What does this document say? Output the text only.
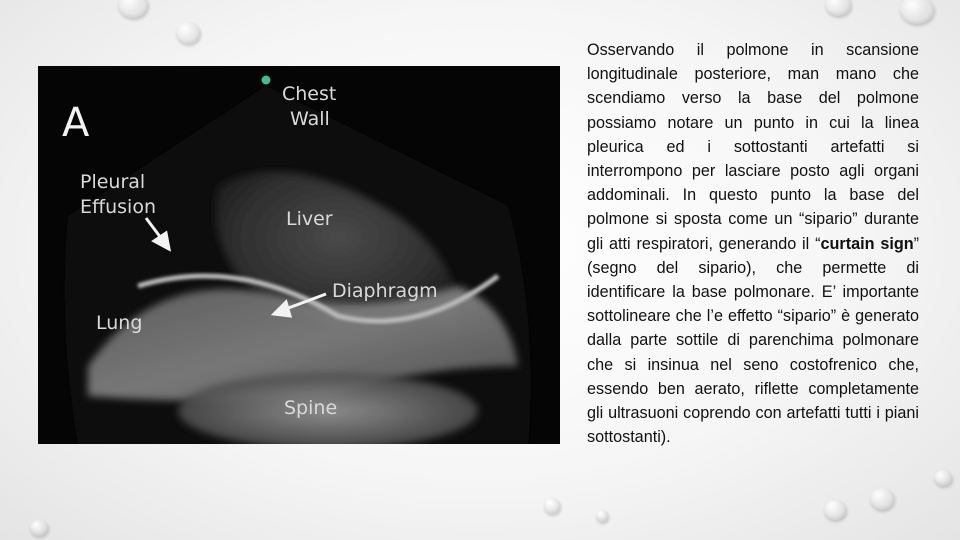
A
Chest
Wall
Pleural
Effusion
Liver
Diaphragm
Lung
Spine
Osservando il polmone in scansione longitudinale posteriore, man mano che scendiamo verso la base del polmone possiamo notare un punto in cui la linea pleurica ed i sottostanti artefatti si interrompono per lasciare posto agli organi addominali. In questo punto la base del polmone si sposta come un “sipario” durante gli atti respiratori, generando il “curtain sign” (segno del sipario), che permette di identificare la base polmonare. E’ importante sottolineare che l’e effetto “sipario” è generato dalla parte sottile di parenchima polmonare che si insinua nel seno costofrenico che, essendo ben aerato, riflette completamente gli ultrasuoni coprendo con artefatti tutti i piani sottostanti).
